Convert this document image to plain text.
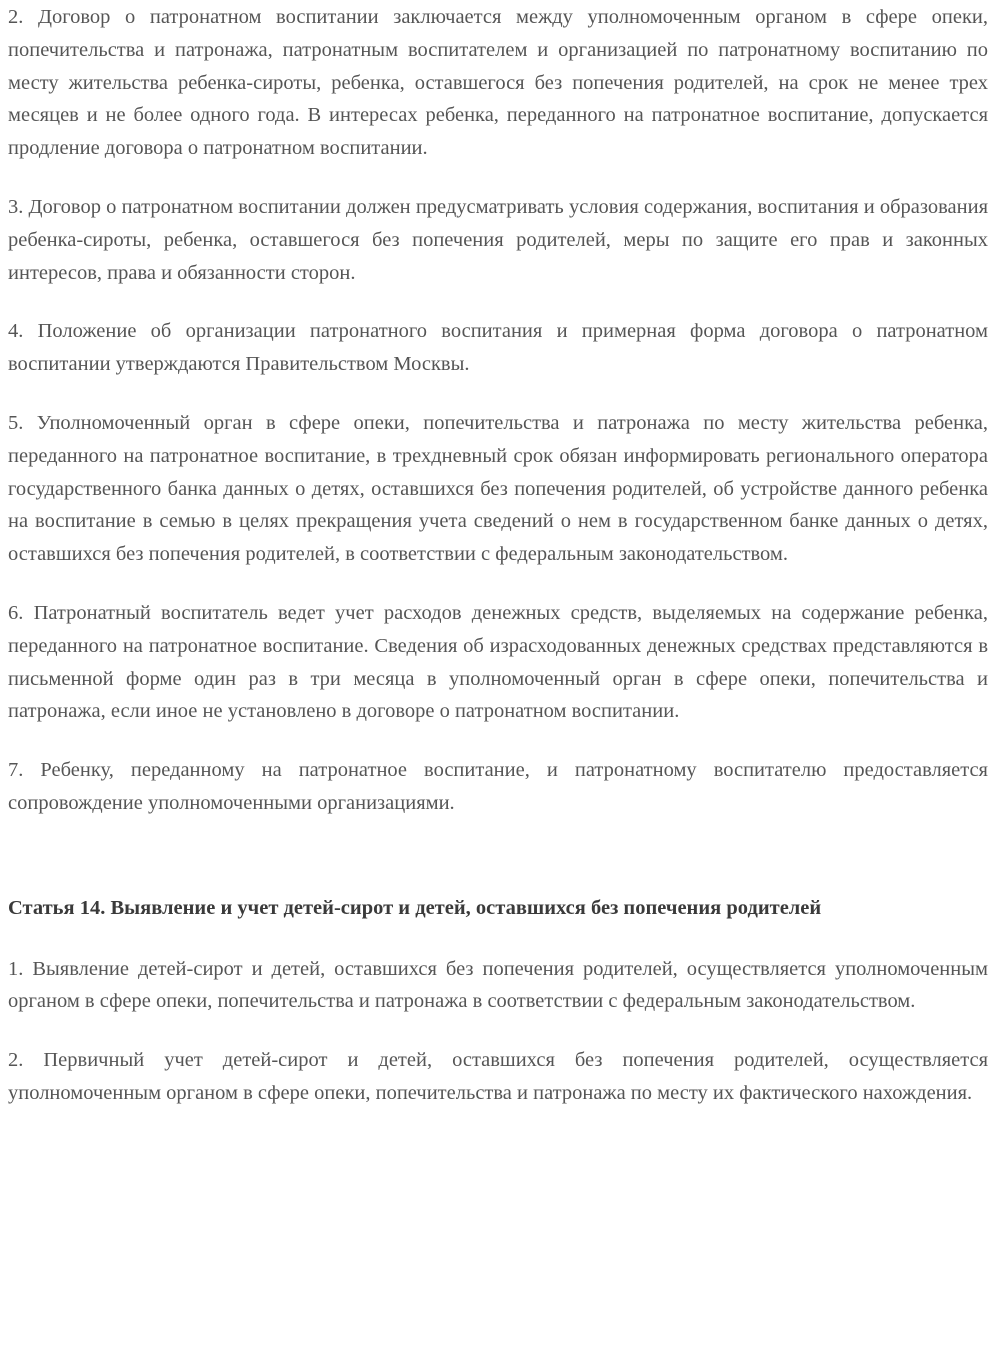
2. Договор о патронатном воспитании заключается между уполномоченным органом в сфере опеки, попечительства и патронажа, патронатным воспитателем и организацией по патронатному воспитанию по месту жительства ребенка-сироты, ребенка, оставшегося без попечения родителей, на срок не менее трех месяцев и не более одного года. В интересах ребенка, переданного на патронатное воспитание, допускается продление договора о патронатном воспитании.

3. Договор о патронатном воспитании должен предусматривать условия содержания, воспитания и образования ребенка-сироты, ребенка, оставшегося без попечения родителей, меры по защите его прав и законных интересов, права и обязанности сторон.

4. Положение об организации патронатного воспитания и примерная форма договора о патронатном воспитании утверждаются Правительством Москвы.

5. Уполномоченный орган в сфере опеки, попечительства и патронажа по месту жительства ребенка, переданного на патронатное воспитание, в трехдневный срок обязан информировать регионального оператора государственного банка данных о детях, оставшихся без попечения родителей, об устройстве данного ребенка на воспитание в семью в целях прекращения учета сведений о нем в государственном банке данных о детях, оставшихся без попечения родителей, в соответствии с федеральным законодательством.

6. Патронатный воспитатель ведет учет расходов денежных средств, выделяемых на содержание ребенка, переданного на патронатное воспитание. Сведения об израсходованных денежных средствах представляются в письменной форме один раз в три месяца в уполномоченный орган в сфере опеки, попечительства и патронажа, если иное не установлено в договоре о патронатном воспитании.

7. Ребенку, переданному на патронатное воспитание, и патронатному воспитателю предоставляется сопровождение уполномоченными организациями.

Статья 14. Выявление и учет детей-сирот и детей, оставшихся без попечения родителей

1. Выявление детей-сирот и детей, оставшихся без попечения родителей, осуществляется уполномоченным органом в сфере опеки, попечительства и патронажа в соответствии с федеральным законодательством.

2. Первичный учет детей-сирот и детей, оставшихся без попечения родителей, осуществляется уполномоченным органом в сфере опеки, попечительства и патронажа по месту их фактического нахождения.
